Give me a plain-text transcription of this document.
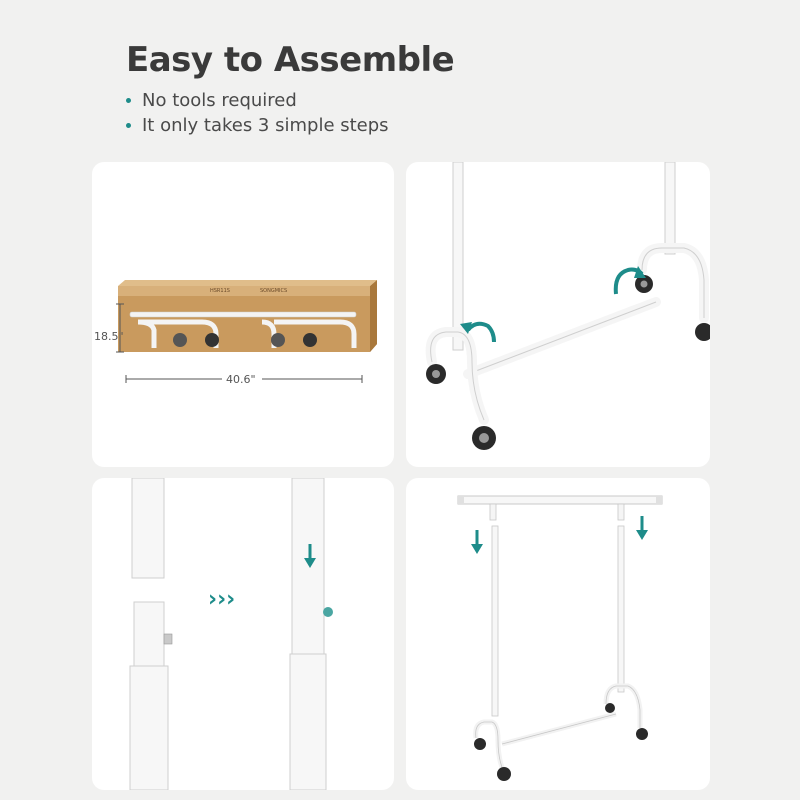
Easy to Assemble
No tools required
It only takes 3 simple steps
HSR11S	SONGMICS
18.5"
40.6"
›››
